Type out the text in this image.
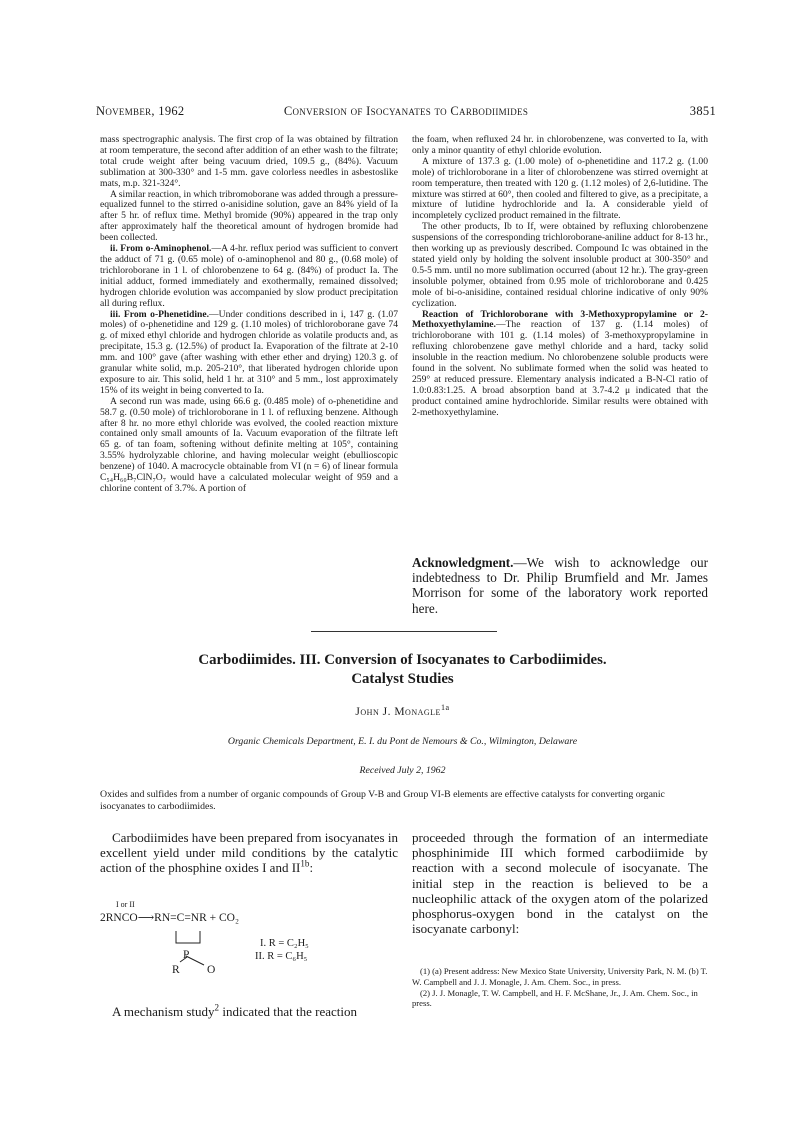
November, 1962	Conversion of Isocyanates to Carbodiimides	3851

mass spectrographic analysis. The first crop of Ia was obtained by filtration at room temperature, the second after addition of an ether wash to the filtrate; total crude weight after being vacuum dried, 109.5 g., (84%). Vacuum sublimation at 300-330° and 1-5 mm. gave colorless needles in asbestoslike mats, m.p. 321-324°.

A similar reaction, in which tribromoborane was added through a pressure-equalized funnel to the stirred o-anisidine solution, gave an 84% yield of Ia after 5 hr. of reflux time. Methyl bromide (90%) appeared in the trap only after approximately half the theoretical amount of hydrogen bromide had been collected.

ii. From o-Aminophenol.—A 4-hr. reflux period was sufficient to convert the adduct of 71 g. (0.65 mole) of o-aminophenol and 80 g., (0.68 mole) of trichloroborane in 1 l. of chlorobenzene to 64 g. (84%) of product Ia. The initial adduct, formed immediately and exothermally, remained dissolved; hydrogen chloride evolution was accompanied by slow product precipitation all during reflux.

iii. From o-Phenetidine.—Under conditions described in i, 147 g. (1.07 moles) of o-phenetidine and 129 g. (1.10 moles) of trichloroborane gave 74 g. of mixed ethyl chloride and hydrogen chloride as volatile products and, as precipitate, 15.3 g. (12.5%) of product Ia. Evaporation of the filtrate at 2-10 mm. and 100° gave (after washing with ether ether and drying) 120.3 g. of granular white solid, m.p. 205-210°, that liberated hydrogen chloride upon exposure to air. This solid, held 1 hr. at 310° and 5 mm., lost approximately 15% of its weight in being converted to Ia.

A second run was made, using 66.6 g. (0.485 mole) of o-phenetidine and 58.7 g. (0.50 mole) of trichloroborane in 1 l. of refluxing benzene. Although after 8 hr. no more ethyl chloride was evolved, the cooled reaction mixture contained only small amounts of Ia. Vacuum evaporation of the filtrate left 65 g. of tan foam, softening without definite melting at 105°, containing 3.55% hydrolyzable chlorine, and having molecular weight (ebullioscopic benzene) of 1040. A macrocycle obtainable from VI (n = 6) of linear formula C₅₄H₆₀B₇ClN₇O₇ would have a calculated molecular weight of 959 and a chlorine content of 3.7%. A portion of

the foam, when refluxed 24 hr. in chlorobenzene, was converted to Ia, with only a minor quantity of ethyl chloride evolution.

A mixture of 137.3 g. (1.00 mole) of o-phenetidine and 117.2 g. (1.00 mole) of trichloroborane in a liter of chlorobenzene was stirred overnight at room temperature, then treated with 120 g. (1.12 moles) of 2,6-lutidine. The mixture was stirred at 60°, then cooled and filtered to give, as a precipitate, a mixture of lutidine hydrochloride and Ia. A considerable yield of incompletely cyclized product remained in the filtrate.

The other products, Ib to If, were obtained by refluxing chlorobenzene suspensions of the corresponding trichloroborane-aniline adduct for 8-13 hr., then working up as previously described. Compound Ic was obtained in the stated yield only by holding the solvent insoluble product at 300-350° and 0.5-5 mm. until no more sublimation occurred (about 12 hr.). The gray-green insoluble polymer, obtained from 0.95 mole of trichloroborane and 0.425 mole of bi-o-anisidine, contained residual chlorine indicative of only 90% cyclization.

Reaction of Trichloroborane with 3-Methoxypropylamine or 2-Methoxyethylamine.—The reaction of 137 g. (1.14 moles) of trichloroborane with 101 g. (1.14 moles) of 3-methoxypropylamine in refluxing chlorobenzene gave methyl chloride and a hard, tacky solid insoluble in the reaction medium. No chlorobenzene soluble products were found in the solvent. No sublimate formed when the solid was heated to 259° at reduced pressure. Elementary analysis indicated a B-N-Cl ratio of 1.0:0.83:1.25. A broad absorption band at 3.7-4.2 μ indicated that the product contained amine hydrochloride. Similar results were obtained with 2-methoxyethylamine.

Acknowledgment.—We wish to acknowledge our indebtedness to Dr. Philip Brumfield and Mr. James Morrison for some of the laboratory work reported here.
Carbodiimides. III. Conversion of Isocyanates to Carbodiimides.
Catalyst Studies
John J. Monagle$^{1a}$
Organic Chemicals Department, E. I. du Pont de Nemours & Co., Wilmington, Delaware
Received July 2, 1962
Oxides and sulfides from a number of organic compounds of Group V-B and Group VI-B elements are effective catalysts for converting organic isocyanates to carbodiimides.

Carbodiimides have been prepared from isocyanates in excellent yield under mild conditions by the catalytic action of the phosphine oxides I and $II^{1b}$:

I or II
2RNCO⟶RN=C=NR + CO₂
P
R O
I. R = C₂H₅
II. R = C₆H₅
A mechanism study$^2$ indicated that the reaction
proceeded through the formation of an intermediate phosphinimide III which formed carbodiimide by reaction with a second molecule of isocyanate. The initial step in the reaction is believed to be a nucleophilic attack of the oxygen atom of the polarized phosphorus-oxygen bond in the catalyst on the isocyanate carbonyl:

(1) (a) Present address: New Mexico State University, University Park, N. M. (b) T. W. Campbell and J. J. Monagle, J. Am. Chem. Soc., in press.

(2) J. J. Monagle, T. W. Campbell, and H. F. McShane, Jr., J. Am. Chem. Soc., in press.
